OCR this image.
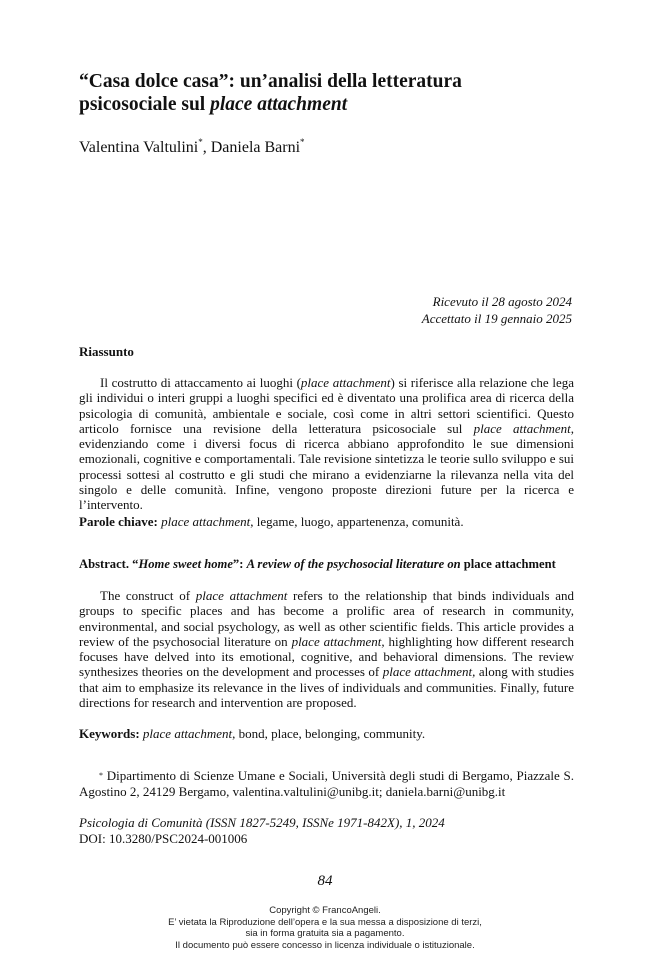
“Casa dolce casa”: un’analisi della letteratura
psicosociale sul place attachment

Valentina Valtulini*, Daniela Barni*

Ricevuto il 28 agosto 2024
Accettato il 19 gennaio 2025

Riassunto

Il costrutto di attaccamento ai luoghi (place attachment) si riferisce alla relazione che lega gli individui o interi gruppi a luoghi specifici ed è diventato una prolifica area di ricerca della psicologia di comunità, ambientale e sociale, così come in altri settori scientifici. Questo articolo fornisce una revisione della letteratura psicosociale sul place attachment, evidenziando come i diversi focus di ricerca abbiano approfondito le sue dimensioni emozionali, cognitive e comportamentali. Tale revisione sintetizza le teorie sullo sviluppo e sui processi sottesi al costrutto e gli studi che mirano a evidenziarne la rilevanza nella vita del singolo e delle comunità. Infine, vengono proposte direzioni future per la ricerca e l’intervento.

Parole chiave: place attachment, legame, luogo, appartenenza, comunità.

Abstract. “Home sweet home”: A review of the psychosocial literature on place attachment

The construct of place attachment refers to the relationship that binds individuals and groups to specific places and has become a prolific area of research in community, environmental, and social psychology, as well as other scientific fields. This article provides a review of the psychosocial literature on place attachment, highlighting how different research focuses have delved into its emotional, cognitive, and behavioral dimensions. The review synthesizes theories on the development and processes of place attachment, along with studies that aim to emphasize its relevance in the lives of individuals and communities. Finally, future directions for research and intervention are proposed.

Keywords: place attachment, bond, place, belonging, community.

* Dipartimento di Scienze Umane e Sociali, Università degli studi di Bergamo, Piazzale S. Agostino 2, 24129 Bergamo, valentina.valtulini@unibg.it; daniela.barni@unibg.it

Psicologia di Comunità (ISSN 1827-5249, ISSNe 1971-842X), 1, 2024
DOI: 10.3280/PSC2024-001006
84
Copyright © FrancoAngeli.
E’ vietata la Riproduzione dell’opera e la sua messa a disposizione di terzi,
sia in forma gratuita sia a pagamento.
Il documento può essere concesso in licenza individuale o istituzionale.
